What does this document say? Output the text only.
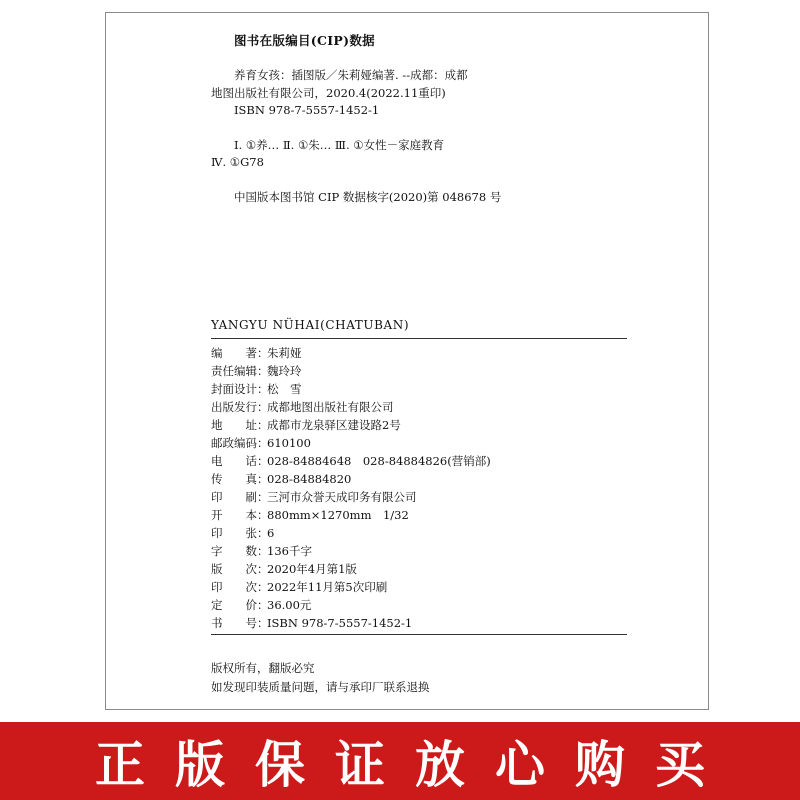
图书在版编目(CIP)数据
养育女孩：插图版／朱莉娅编著. --成都：成都
地图出版社有限公司，2020.4(2022.11重印)
ISBN 978-7-5557-1452-1
Ⅰ. ①养… Ⅱ. ①朱… Ⅲ. ①女性－家庭教育
Ⅳ. ①G78
中国版本图书馆 CIP 数据核字(2020)第 048678 号
YANGYU NÜHAI(CHATUBAN)
编　　著：
朱莉娅
责任编辑：
魏玲玲
封面设计：
松　雪
出版发行：
成都地图出版社有限公司
地　　址：
成都市龙泉驿区建设路2号
邮政编码：
610100
电　　话：
028-84884648　028-84884826(营销部)
传　　真：
028-84884820
印　　刷：
三河市众誉天成印务有限公司
开　　本：
880mm×1270mm　1/32
印　　张：
6
字　　数：
136千字
版　　次：
2020年4月第1版
印　　次：
2022年11月第5次印刷
定　　价：
36.00元
书　　号：
ISBN 978-7-5557-1452-1
版权所有，翻版必究
如发现印装质量问题，请与承印厂联系退换
正版保证放心购买
